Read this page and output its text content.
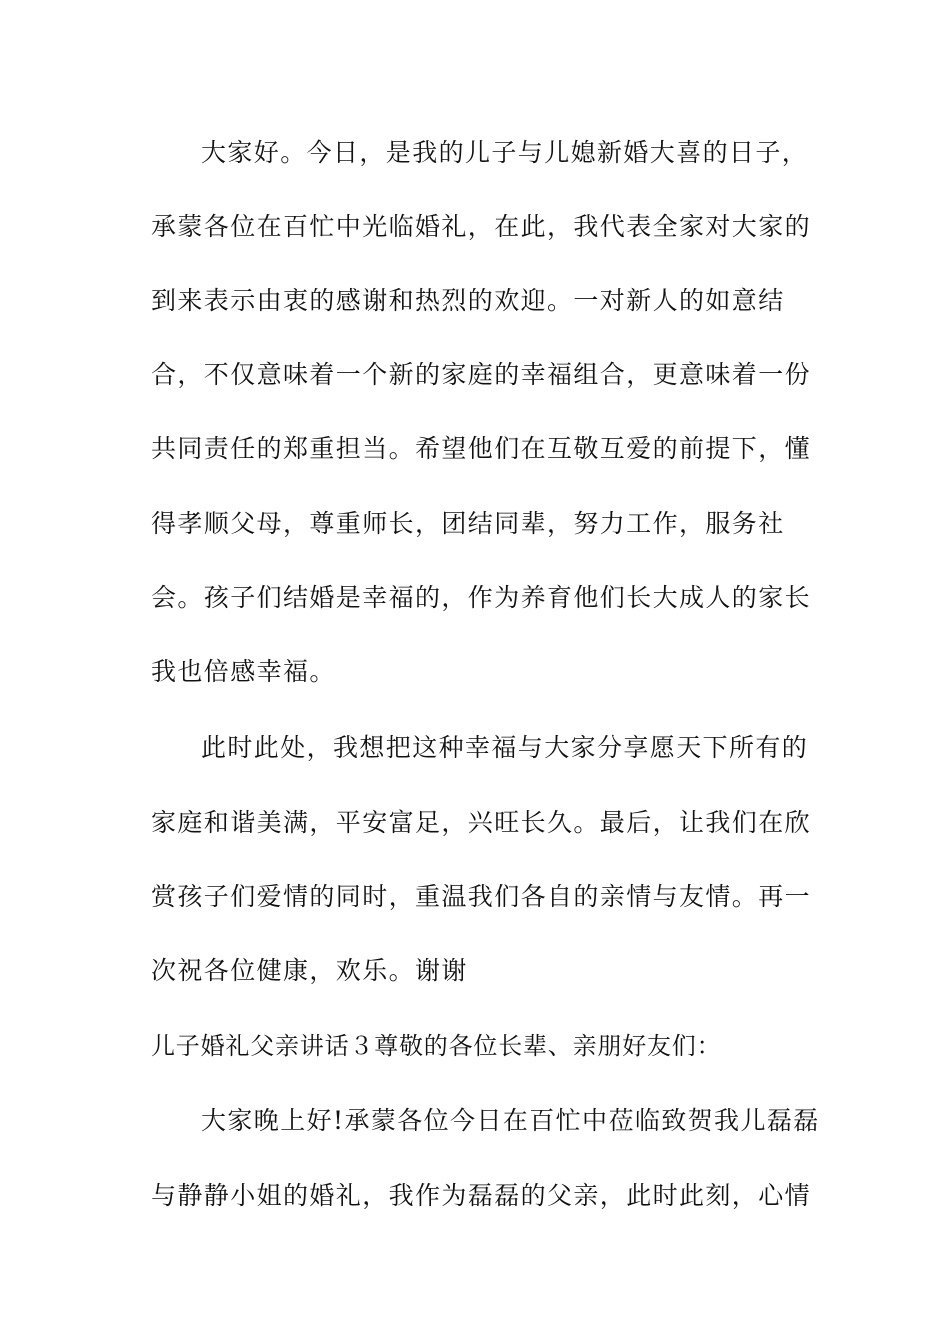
大家好。今日，是我的儿子与儿媳新婚大喜的日子，
承蒙各位在百忙中光临婚礼，在此，我代表全家对大家的
到来表示由衷的感谢和热烈的欢迎。一对新人的如意结
合，不仅意味着一个新的家庭的幸福组合，更意味着一份
共同责任的郑重担当。希望他们在互敬互爱的前提下，懂
得孝顺父母，尊重师长，团结同辈，努力工作，服务社
会。孩子们结婚是幸福的，作为养育他们长大成人的家长
我也倍感幸福。
此时此处，我想把这种幸福与大家分享愿天下所有的
家庭和谐美满，平安富足，兴旺长久。最后，让我们在欣
赏孩子们爱情的同时，重温我们各自的亲情与友情。再一
次祝各位健康，欢乐。谢谢
儿子婚礼父亲讲话３尊敬的各位长辈、亲朋好友们：
大家晚上好!承蒙各位今日在百忙中莅临致贺我儿磊磊
与静静小姐的婚礼，我作为磊磊的父亲，此时此刻，心情
